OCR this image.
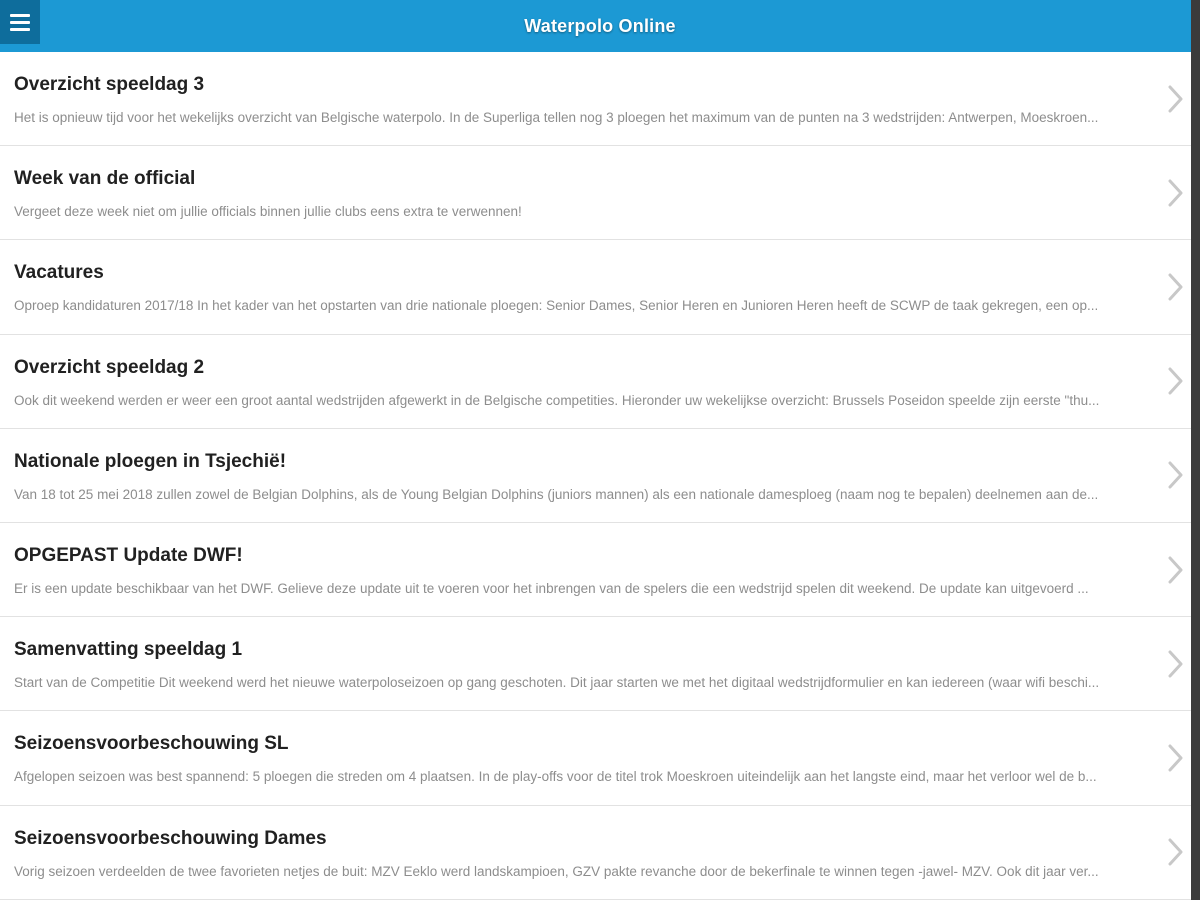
Waterpolo Online
Overzicht speeldag 3
Het is opnieuw tijd voor het wekelijks overzicht van Belgische waterpolo. In de Superliga tellen nog 3 ploegen het maximum van de punten na 3 wedstrijden: Antwerpen, Moeskroen...
Week van de official
Vergeet deze week niet om jullie officials binnen jullie clubs eens extra te verwennen!
Vacatures
Oproep kandidaturen 2017/18 In het kader van het opstarten van drie nationale ploegen: Senior Dames, Senior Heren en Junioren Heren heeft de SCWP de taak gekregen, een op...
Overzicht speeldag 2
Ook dit weekend werden er weer een groot aantal wedstrijden afgewerkt in de Belgische competities. Hieronder uw wekelijkse overzicht: Brussels Poseidon speelde zijn eerste "thu...
Nationale ploegen in Tsjechië!
Van 18 tot 25 mei 2018 zullen zowel de Belgian Dolphins, als de Young Belgian Dolphins (juniors mannen) als een nationale damesploeg (naam nog te bepalen) deelnemen aan de...
OPGEPAST Update DWF!
Er is een update beschikbaar van het DWF. Gelieve deze update uit te voeren voor het inbrengen van de spelers die een wedstrijd spelen dit weekend. De update kan uitgevoerd ...
Samenvatting speeldag 1
Start van de Competitie Dit weekend werd het nieuwe waterpoloseizoen op gang geschoten. Dit jaar starten we met het digitaal wedstrijdformulier en kan iedereen (waar wifi beschi...
Seizoensvoorbeschouwing SL
Afgelopen seizoen was best spannend: 5 ploegen die streden om 4 plaatsen. In de play-offs voor de titel trok Moeskroen uiteindelijk aan het langste eind, maar het verloor wel de b...
Seizoensvoorbeschouwing Dames
Vorig seizoen verdeelden de twee favorieten netjes de buit: MZV Eeklo werd landskampioen, GZV pakte revanche door de bekerfinale te winnen tegen -jawel- MZV. Ook dit jaar ver...
